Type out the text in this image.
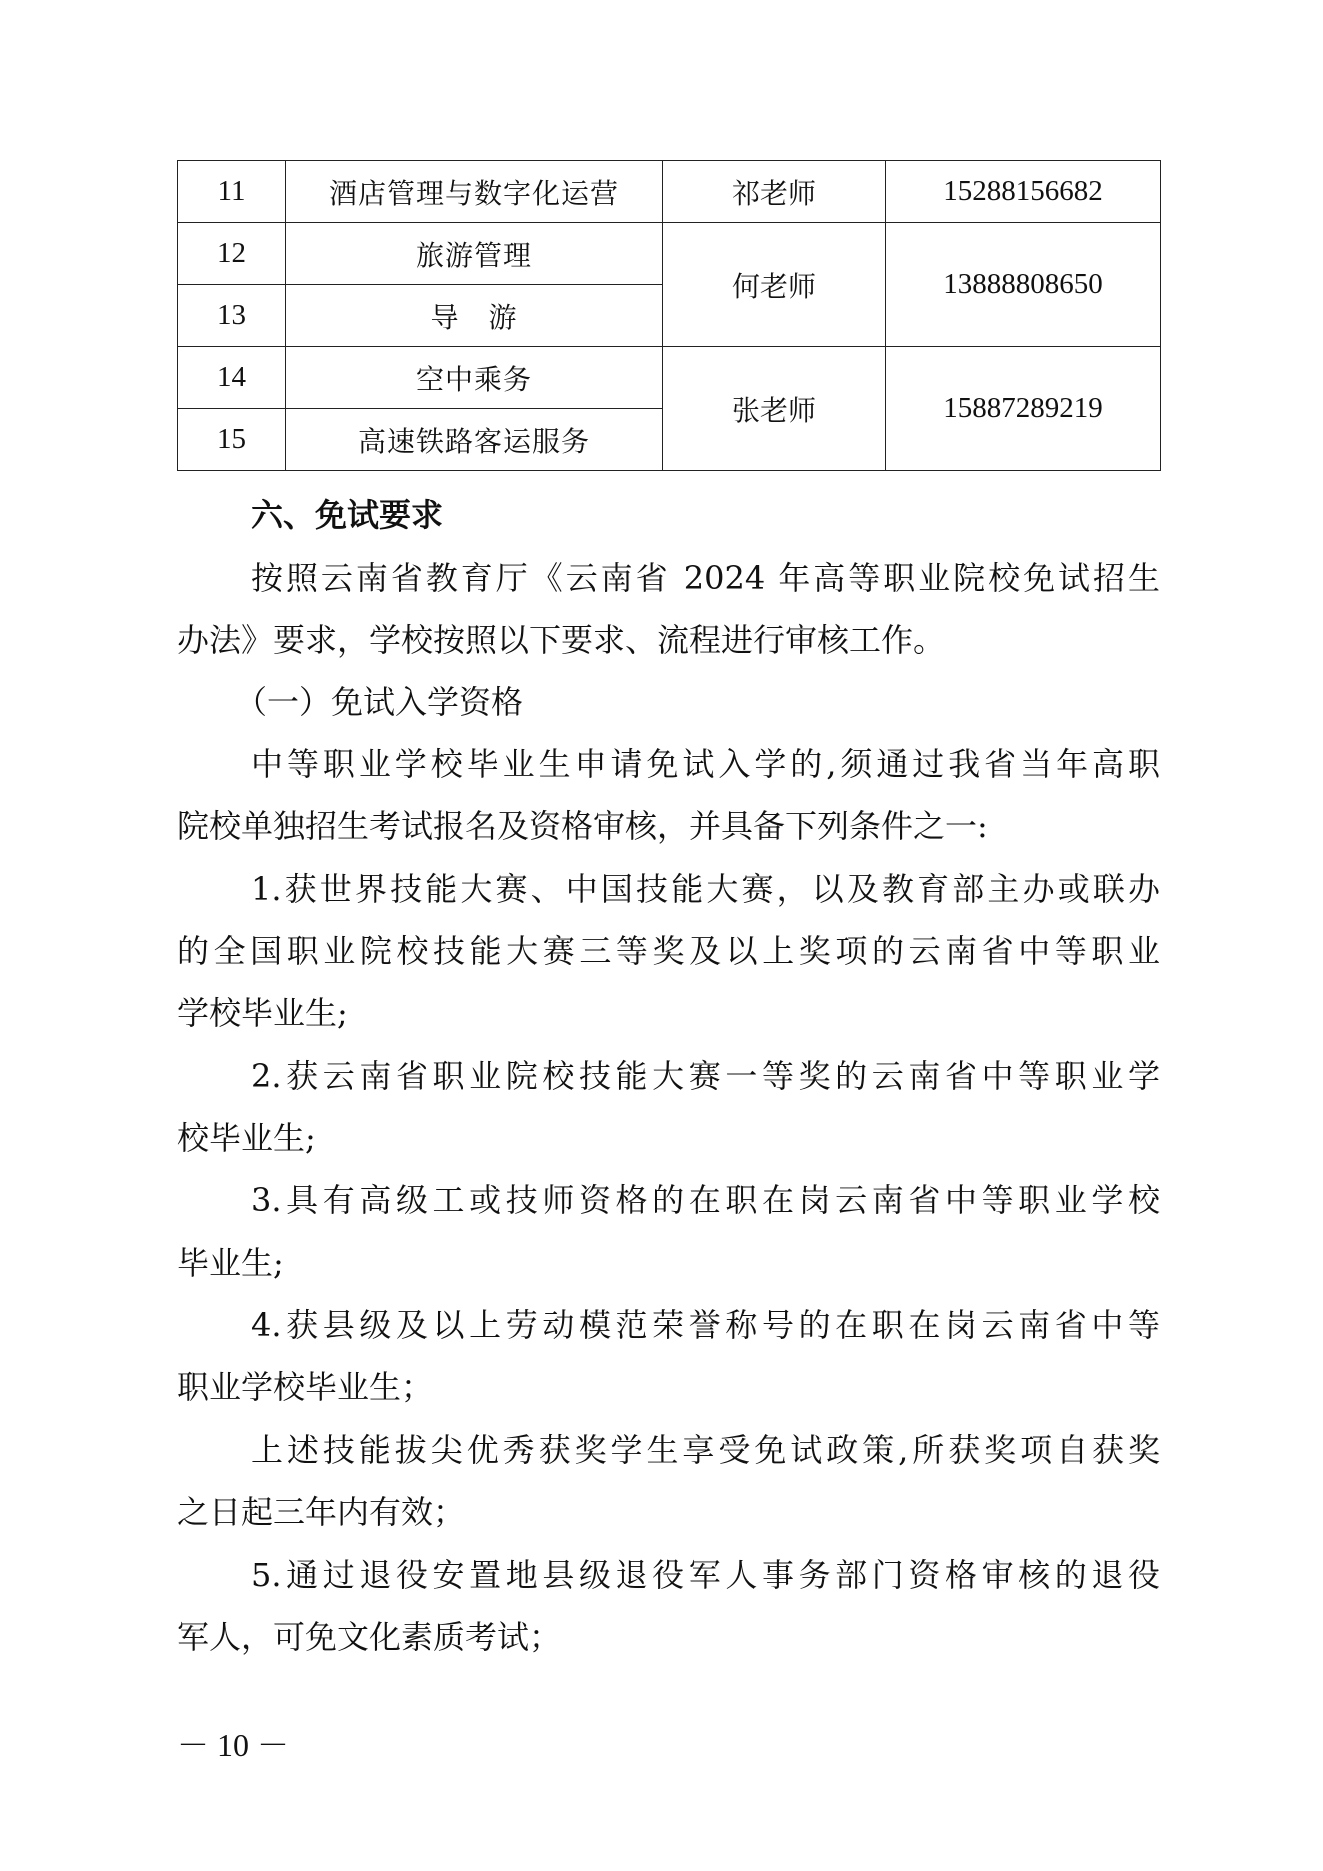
11	酒店管理与数字化运营	祁老师	15288156682
12	旅游管理	何老师	13888808650
13	导　游		
14	空中乘务	张老师	15887289219
15	高速铁路客运服务		
六、免试要求
按照云南省教育厅《云南省 2024 年高等职业院校免试招生
办法》要求，学校按照以下要求、流程进行审核工作。
（一）免试入学资格
中等职业学校毕业生申请免试入学的,须通过我省当年高职
院校单独招生考试报名及资格审核，并具备下列条件之一:
1.获世界技能大赛、中国技能大赛，以及教育部主办或联办
的全国职业院校技能大赛三等奖及以上奖项的云南省中等职业
学校毕业生;
2.获云南省职业院校技能大赛一等奖的云南省中等职业学
校毕业生;
3.具有高级工或技师资格的在职在岗云南省中等职业学校
毕业生;
4.获县级及以上劳动模范荣誉称号的在职在岗云南省中等
职业学校毕业生；
上述技能拔尖优秀获奖学生享受免试政策,所获奖项自获奖
之日起三年内有效；
5.通过退役安置地县级退役军人事务部门资格审核的退役
军人，可免文化素质考试；
－ 10 －
